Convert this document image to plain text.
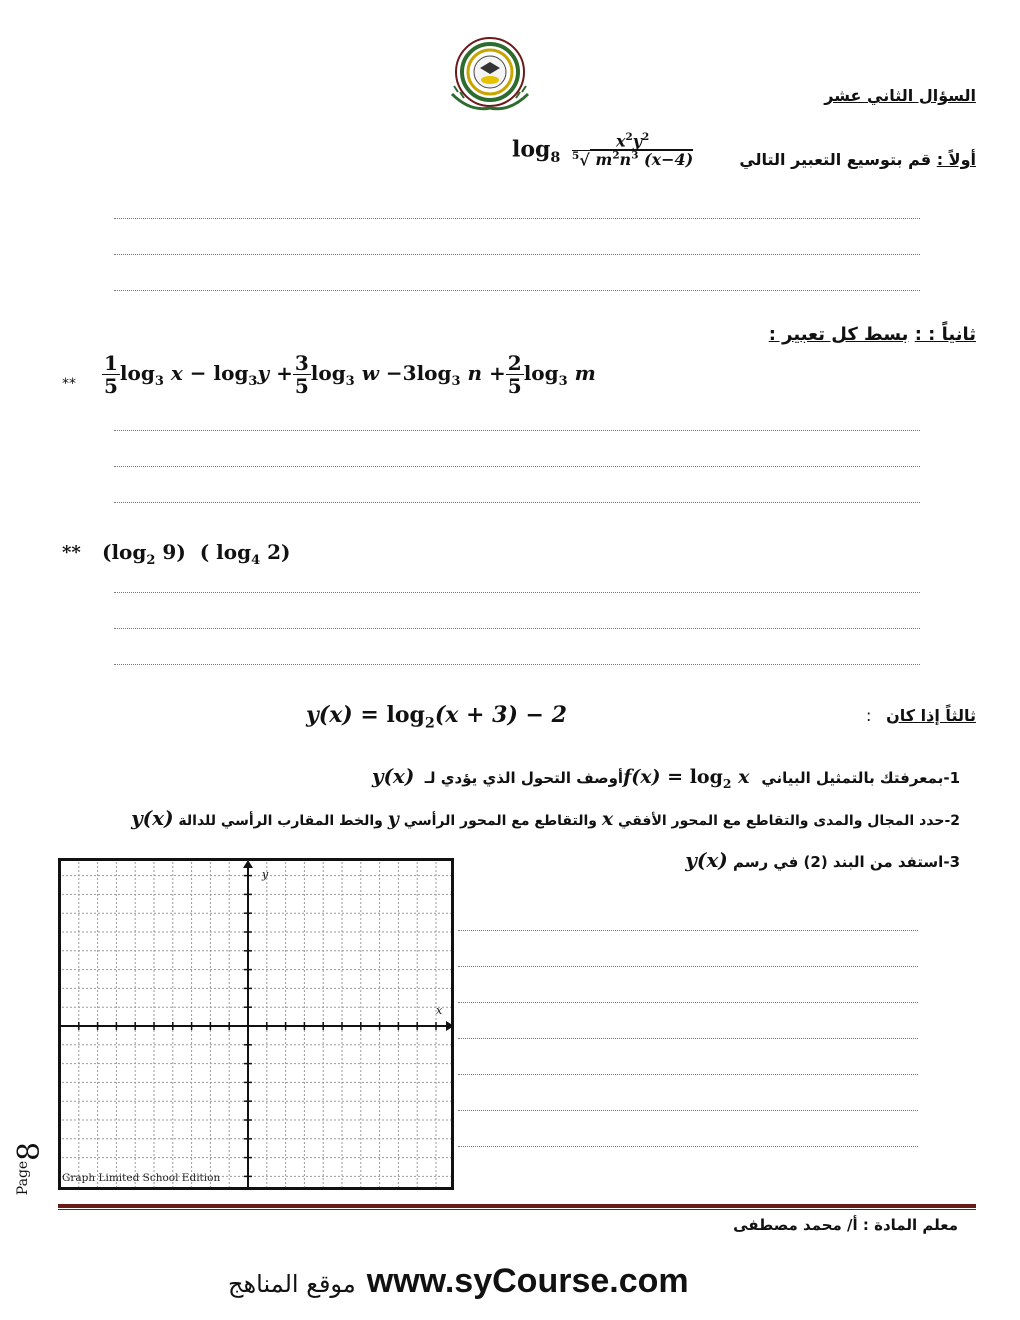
السؤال الثاني عشر
أولاً : قم بتوسيع التعبير التالي
$\log_8 \frac{x^2y^2}{^5√ m^2n^3 (x-4)}$
ثانياً : : بسط كل تعبير :
** $\frac{1}{5} \log_3 x - \log_3y + \frac{3}{5} \log_3 w -3\log_3$ $n + \frac{2}{5} \log_3 m$
** ($\log_2$ 9) ( $\log_4 2$)
ثالثاً إذا كان
:
$y(x) = \log_2(x + 3) - 2$
1-بمعرفتك بالتمثيل البياني $f(x) = \log_2 x$ أوصف التحول الذي يؤدي لـ  y(x)
2-حدد المجال والمدى والتقاطع مع المحور الأفقي x والتقاطع مع المحور الرأسي y والخط المقارب الرأسي للدالة y(x)
3-استفد من البند (2) في رسم y(x)
x
y
Graph Limited School Edition
Page
8
معلم المادة : أ/ محمد مصطفى
موقع المناهج www.syCourse.com
